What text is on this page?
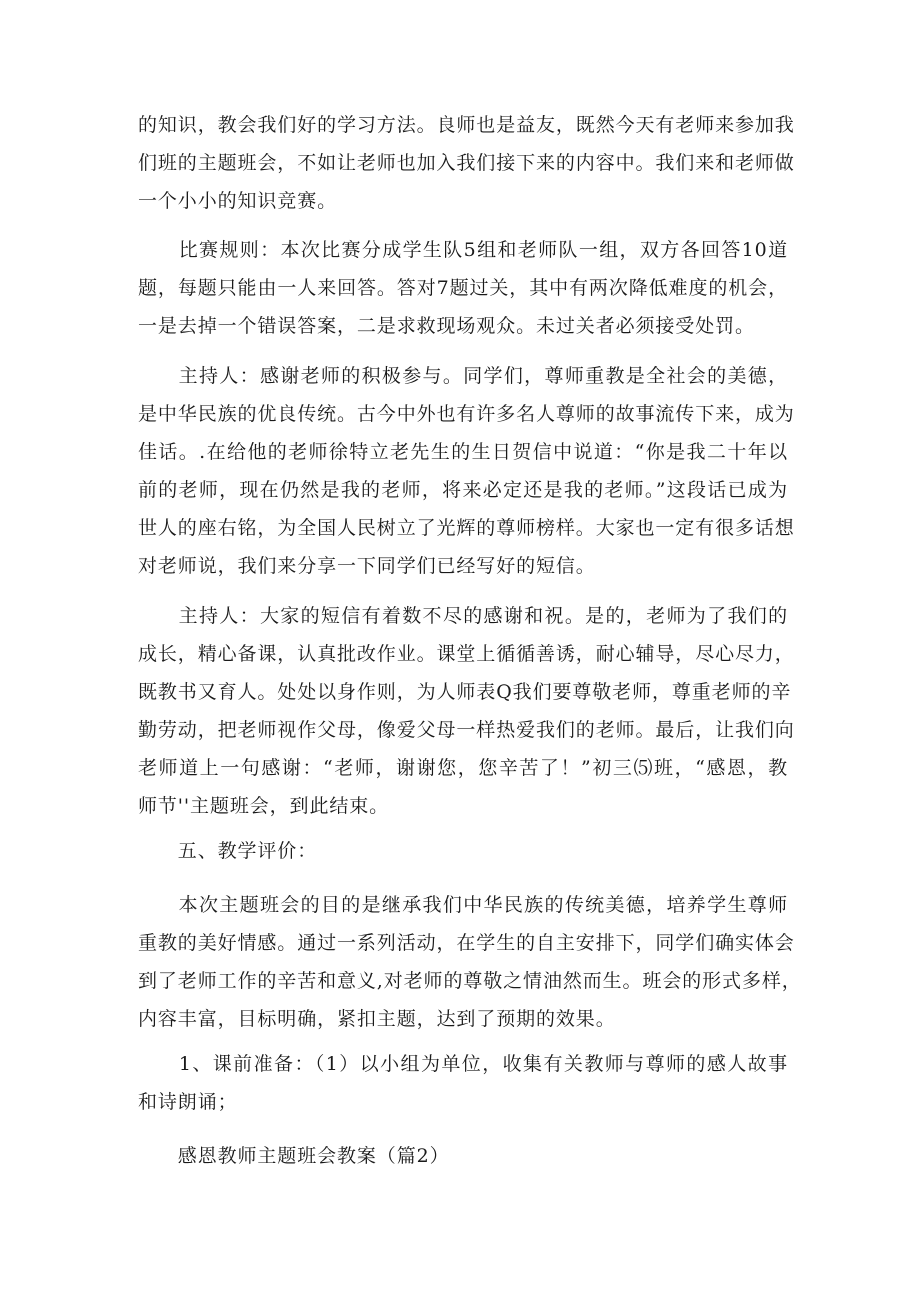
的知识，教会我们好的学习方法。良师也是益友，既然今天有老师来参加我
们班的主题班会，不如让老师也加入我们接下来的内容中。我们来和老师做
一个小小的知识竞赛。

　　比赛规则：本次比赛分成学生队5组和老师队一组，双方各回答10道
题，每题只能由一人来回答。答对7题过关，其中有两次降低难度的机会，
一是去掉一个错误答案，二是求救现场观众。未过关者必须接受处罚。

　　主持人：感谢老师的积极参与。同学们，尊师重教是全社会的美德，
是中华民族的优良传统。古今中外也有许多名人尊师的故事流传下来，成为
佳话。.在给他的老师徐特立老先生的生日贺信中说道：“你是我二十年以
前的老师，现在仍然是我的老师，将来必定还是我的老师。”这段话已成为
世人的座右铭，为全国人民树立了光辉的尊师榜样。大家也一定有很多话想
对老师说，我们来分享一下同学们已经写好的短信。

　　主持人：大家的短信有着数不尽的感谢和祝。是的，老师为了我们的
成长，精心备课，认真批改作业。课堂上循循善诱，耐心辅导，尽心尽力，
既教书又育人。处处以身作则，为人师表Q我们要尊敬老师，尊重老师的辛
勤劳动，把老师视作父母，像爱父母一样热爱我们的老师。最后，让我们向
老师道上一句感谢：“老师，谢谢您，您辛苦了！”初三⑸班，“感恩，教
师节''主题班会，到此结束。

　　五、教学评价：

　　本次主题班会的目的是继承我们中华民族的传统美德，培养学生尊师
重教的美好情感。通过一系列活动，在学生的自主安排下，同学们确实体会
到了老师工作的辛苦和意义,对老师的尊敬之情油然而生。班会的形式多样，
内容丰富，目标明确，紧扣主题，达到了预期的效果。

　　1、课前准备：（1）以小组为单位，收集有关教师与尊师的感人故事
和诗朗诵；

　　感恩教师主题班会教案（篇2）
